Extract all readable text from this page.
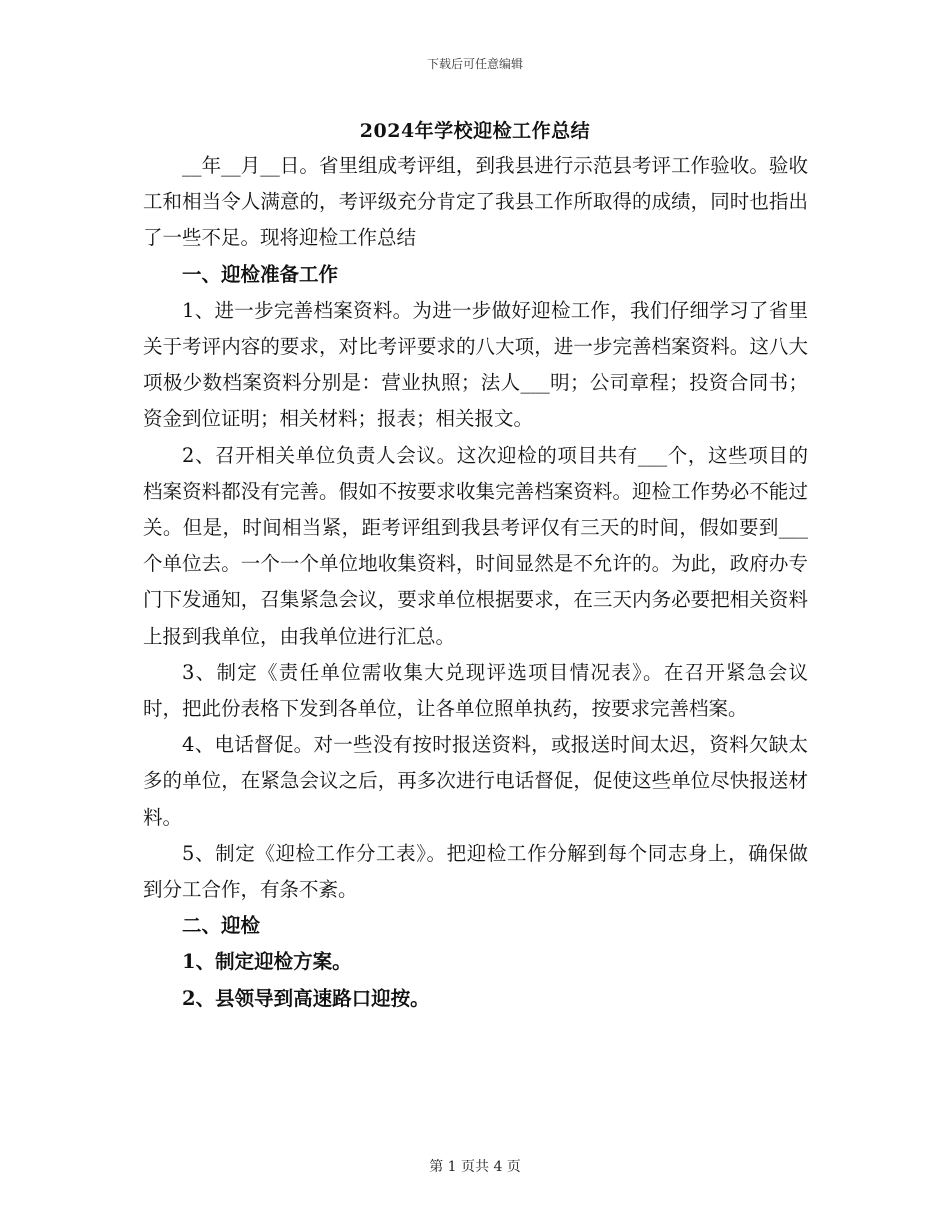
下载后可任意编辑
2024年学校迎检工作总结

__年__月__日。省里组成考评组，到我县进行示范县考评工作验收。验收工和相当令人满意的，考评级充分肯定了我县工作所取得的成绩，同时也指出了一些不足。现将迎检工作总结

一、迎检准备工作

1、进一步完善档案资料。为进一步做好迎检工作，我们仔细学习了省里关于考评内容的要求，对比考评要求的八大项，进一步完善档案资料。这八大项极少数档案资料分别是：营业执照；法人___明；公司章程；投资合同书；资金到位证明；相关材料；报表；相关报文。

2、召开相关单位负责人会议。这次迎检的项目共有___个，这些项目的档案资料都没有完善。假如不按要求收集完善档案资料。迎检工作势必不能过关。但是，时间相当紧，距考评组到我县考评仅有三天的时间，假如要到___个单位去。一个一个单位地收集资料，时间显然是不允许的。为此，政府办专门下发通知，召集紧急会议，要求单位根据要求，在三天内务必要把相关资料上报到我单位，由我单位进行汇总。

3、制定《责任单位需收集大兑现评选项目情况表》。在召开紧急会议时，把此份表格下发到各单位，让各单位照单执药，按要求完善档案。

4、电话督促。对一些没有按时报送资料，或报送时间太迟，资料欠缺太多的单位，在紧急会议之后，再多次进行电话督促，促使这些单位尽快报送材料。

5、制定《迎检工作分工表》。把迎检工作分解到每个同志身上，确保做到分工合作，有条不紊。

二、迎检

1、制定迎检方案。

2、县领导到高速路口迎按。

第 1 页共 4 页
